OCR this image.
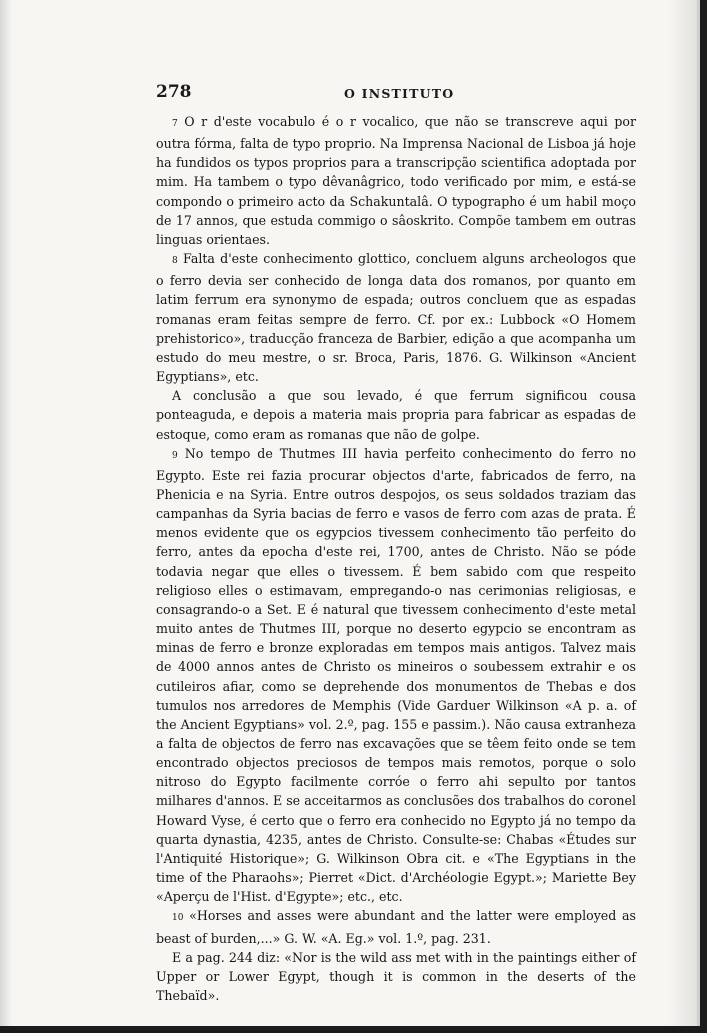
278	O INSTITUTO

7 O r d'este vocabulo é o r vocalico, que não se transcreve aqui por outra fórma, falta de typo proprio. Na Imprensa Nacional de Lisboa já hoje ha fundidos os typos proprios para a transcripção scientifica adoptada por mim. Ha tambem o typo dêvanâgrico, todo verificado por mim, e está-se compondo o primeiro acto da Schakuntalâ. O typographo é um habil moço de 17 annos, que estuda commigo o sâoskrito. Compõe tambem em outras linguas orientaes.

8 Falta d'este conhecimento glottico, concluem alguns archeologos que o ferro devia ser conhecido de longa data dos romanos, por quanto em latim ferrum era synonymo de espada; outros concluem que as espadas romanas eram feitas sempre de ferro. Cf. por ex.: Lubbock «O Homem prehistorico», traducção franceza de Barbier, edição a que acompanha um estudo do meu mestre, o sr. Broca, Paris, 1876. G. Wilkinson «Ancient Egyptians», etc.

A conclusão a que sou levado, é que ferrum significou cousa ponteaguda, e depois a materia mais propria para fabricar as espadas de estoque, como eram as romanas que não de golpe.

9 No tempo de Thutmes III havia perfeito conhecimento do ferro no Egypto. Este rei fazia procurar objectos d'arte, fabricados de ferro, na Phenicia e na Syria. Entre outros despojos, os seus soldados traziam das campanhas da Syria bacias de ferro e vasos de ferro com azas de prata. É menos evidente que os egypcios tivessem conhecimento tão perfeito do ferro, antes da epocha d'este rei, 1700, antes de Christo. Não se póde todavia negar que elles o tivessem. É bem sabido com que respeito religioso elles o estimavam, empregando-o nas cerimonias religiosas, e consagrando-o a Set. E é natural que tivessem conhecimento d'este metal muito antes de Thutmes III, porque no deserto egypcio se encontram as minas de ferro e bronze exploradas em tempos mais antigos. Talvez mais de 4000 annos antes de Christo os mineiros o soubessem extrahir e os cutileiros afiar, como se deprehende dos monumentos de Thebas e dos tumulos nos arredores de Memphis (Vide Garduer Wilkinson «A p. a. of the Ancient Egyptians» vol. 2.º, pag. 155 e passim.). Não causa extranheza a falta de objectos de ferro nas excavações que se têem feito onde se tem encontrado objectos preciosos de tempos mais remotos, porque o solo nitroso do Egypto facilmente corróe o ferro ahi sepulto por tantos milhares d'annos. E se acceitarmos as conclusões dos trabalhos do coronel Howard Vyse, é certo que o ferro era conhecido no Egypto já no tempo da quarta dynastia, 4235, antes de Christo. Consulte-se: Chabas «Études sur l'Antiquité Historique»; G. Wilkinson Obra cit. e «The Egyptians in the time of the Pharaohs»; Pierret «Dict. d'Archéologie Egypt.»; Mariette Bey «Aperçu de l'Hist. d'Egypte»; etc., etc.

10 «Horses and asses were abundant and the latter were employed as beast of burden,...» G. W. «A. Eg.» vol. 1.º, pag. 231.

E a pag. 244 diz: «Nor is the wild ass met with in the paintings either of Upper or Lower Egypt, though it is common in the deserts of the Thebaïd».
